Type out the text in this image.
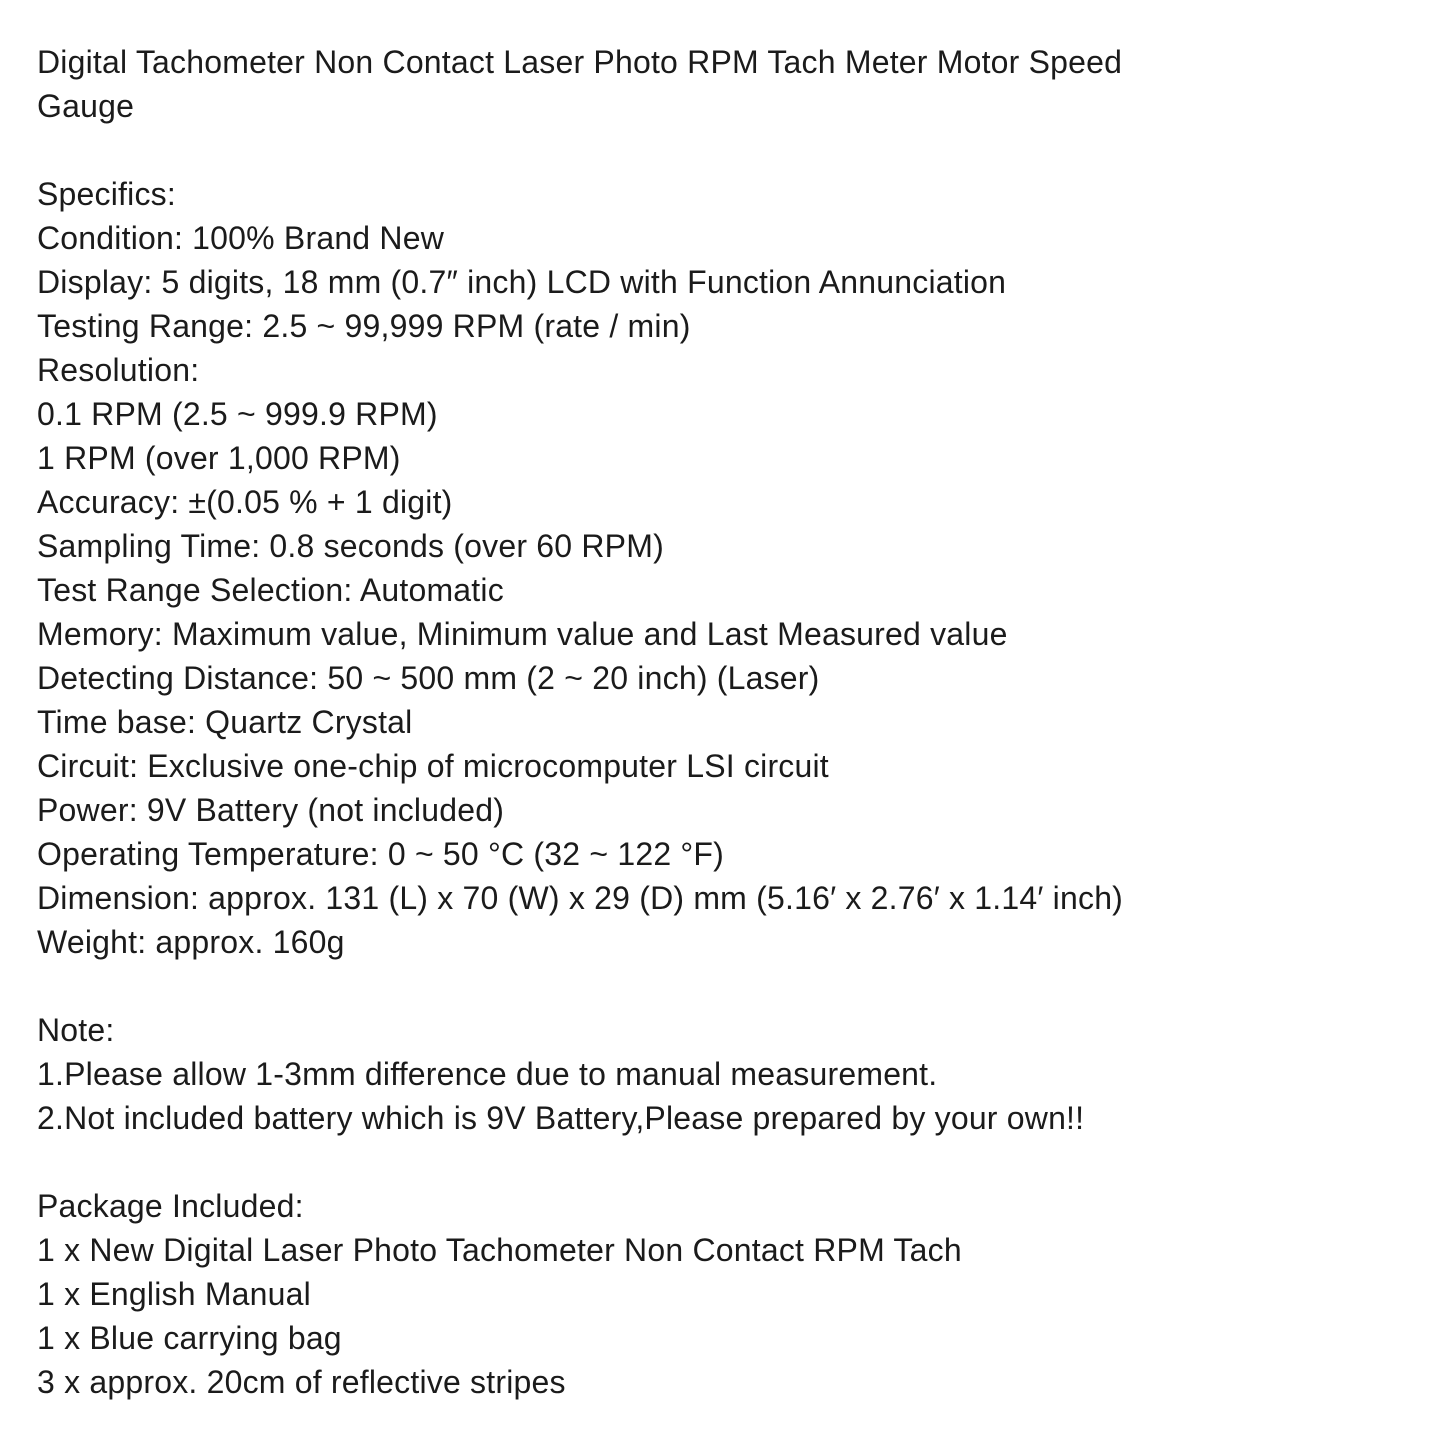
Digital Tachometer Non Contact Laser Photo RPM Tach Meter Motor Speed

Gauge

Specifics:

Condition: 100% Brand New

Display: 5 digits, 18 mm (0.7″ inch) LCD with Function Annunciation

Testing Range: 2.5 ~ 99,999 RPM (rate / min)

Resolution:

0.1 RPM (2.5 ~ 999.9 RPM)

1 RPM (over 1,000 RPM)

Accuracy: ±(0.05 % + 1 digit)

Sampling Time: 0.8 seconds (over 60 RPM)

Test Range Selection: Automatic

Memory: Maximum value, Minimum value and Last Measured value

Detecting Distance: 50 ~ 500 mm (2 ~ 20 inch) (Laser)

Time base: Quartz Crystal

Circuit: Exclusive one-chip of microcomputer LSI circuit

Power: 9V Battery (not included)

Operating Temperature: 0 ~ 50 °C (32 ~ 122 °F)

Dimension: approx. 131 (L) x 70 (W) x 29 (D) mm (5.16′ x 2.76′ x 1.14′ inch)

Weight: approx. 160g

Note:

1.Please allow 1-3mm difference due to manual measurement.

2.Not included battery which is 9V Battery,Please prepared by your own!!

Package Included:

1 x New Digital Laser Photo Tachometer Non Contact RPM Tach

1 x English Manual

1 x Blue carrying bag

3 x approx. 20cm of reflective stripes
